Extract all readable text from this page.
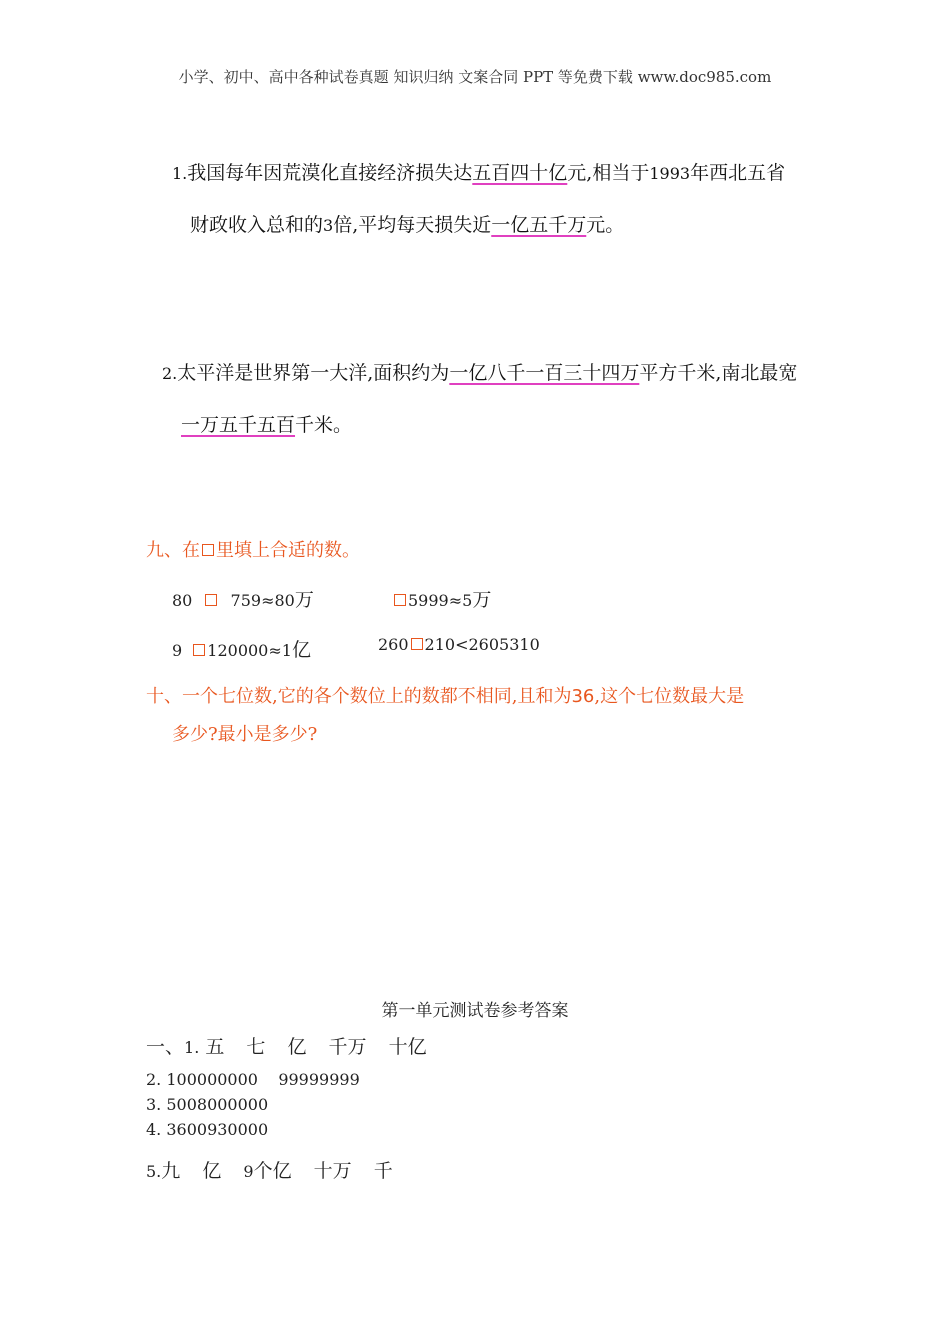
小学、初中、高中各种试卷真题 知识归纳 文案合同 PPT 等免费下载 www.doc985.com
1.我国每年因荒漠化直接经济损失达五百四十亿元,相当于1993年西北五省
财政收入总和的3倍,平均每天损失近一亿五千万元。
2.太平洋是世界第一大洋,面积约为一亿八千一百三十四万平方千米,南北最宽
一万五千五百千米。
九、在 里填上合适的数。
80 759≈80万	5999≈5万
9 120000≈1亿	260 210<2605310
十、一个七位数,它的各个数位上的数都不相同,且和为36,这个七位数最大是
多少?最小是多少?
第一单元测试卷参考答案
一、1. 五 七 亿 千万 十亿
2. 100000000    99999999
3. 5008000000
4. 3600930000
5.九 亿 9个亿 十万 千
